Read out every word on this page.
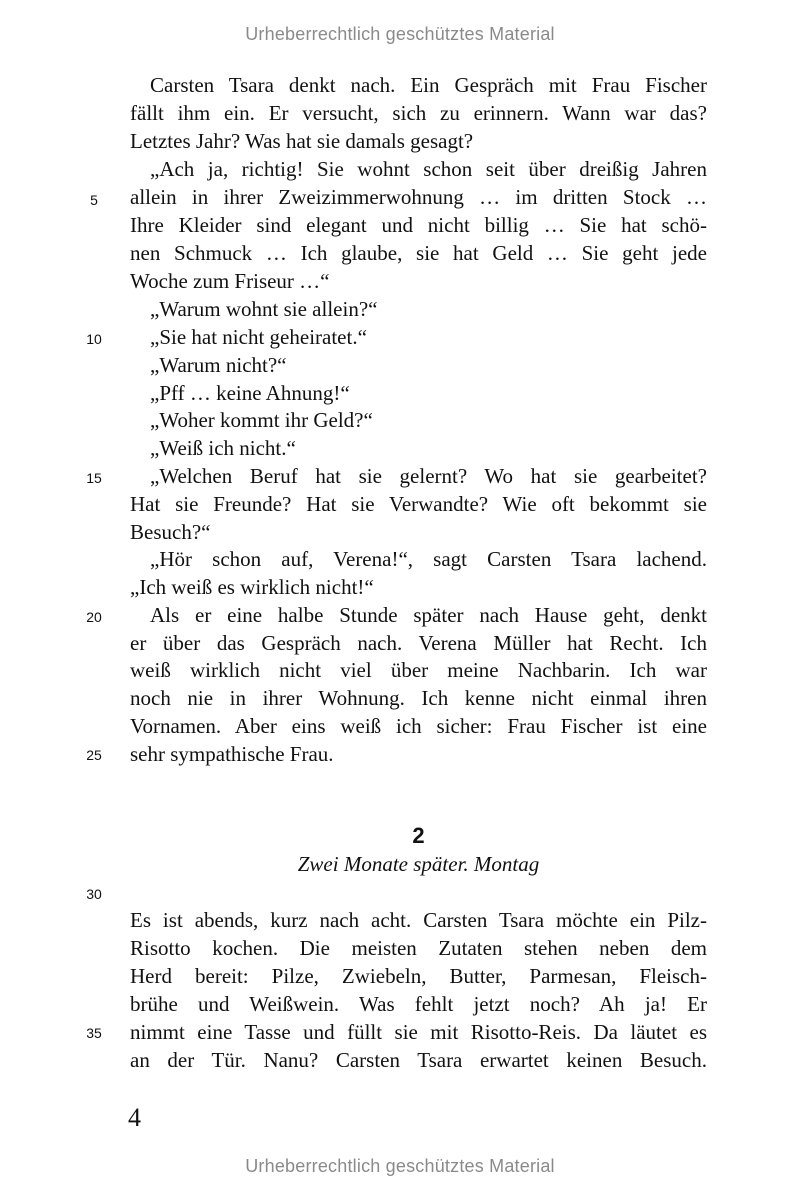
Urheberrechtlich geschütztes Material
Carsten Tsara denkt nach. Ein Gespräch mit Frau Fischer
fällt ihm ein. Er versucht, sich zu erinnern. Wann war das?
Letztes Jahr? Was hat sie damals gesagt?
„Ach ja, richtig! Sie wohnt schon seit über dreißig Jahren
allein in ihrer Zweizimmerwohnung … im dritten Stock …
Ihre Kleider sind elegant und nicht billig … Sie hat schö-
nen Schmuck … Ich glaube, sie hat Geld … Sie geht jede
Woche zum Friseur …“
„Warum wohnt sie allein?“
„Sie hat nicht geheiratet.“
„Warum nicht?“
„Pff … keine Ahnung!“
„Woher kommt ihr Geld?“
„Weiß ich nicht.“
„Welchen Beruf hat sie gelernt? Wo hat sie gearbeitet?
Hat sie Freunde? Hat sie Verwandte? Wie oft bekommt sie
Besuch?“
„Hör schon auf, Verena!“, sagt Carsten Tsara lachend.
„Ich weiß es wirklich nicht!“
Als er eine halbe Stunde später nach Hause geht, denkt
er über das Gespräch nach. Verena Müller hat Recht. Ich
weiß wirklich nicht viel über meine Nachbarin. Ich war
noch nie in ihrer Wohnung. Ich kenne nicht einmal ihren
Vornamen. Aber eins weiß ich sicher: Frau Fischer ist eine
sehr sympathische Frau.
2
Zwei Monate später. Montag
Es ist abends, kurz nach acht. Carsten Tsara möchte ein Pilz-
Risotto kochen. Die meisten Zutaten stehen neben dem
Herd bereit: Pilze, Zwiebeln, Butter, Parmesan, Fleisch-
brühe und Weißwein. Was fehlt jetzt noch? Ah ja! Er
nimmt eine Tasse und füllt sie mit Risotto-Reis. Da läutet es
an der Tür. Nanu? Carsten Tsara erwartet keinen Besuch.
5
10
15
20
25
30
35
4
Urheberrechtlich geschütztes Material
